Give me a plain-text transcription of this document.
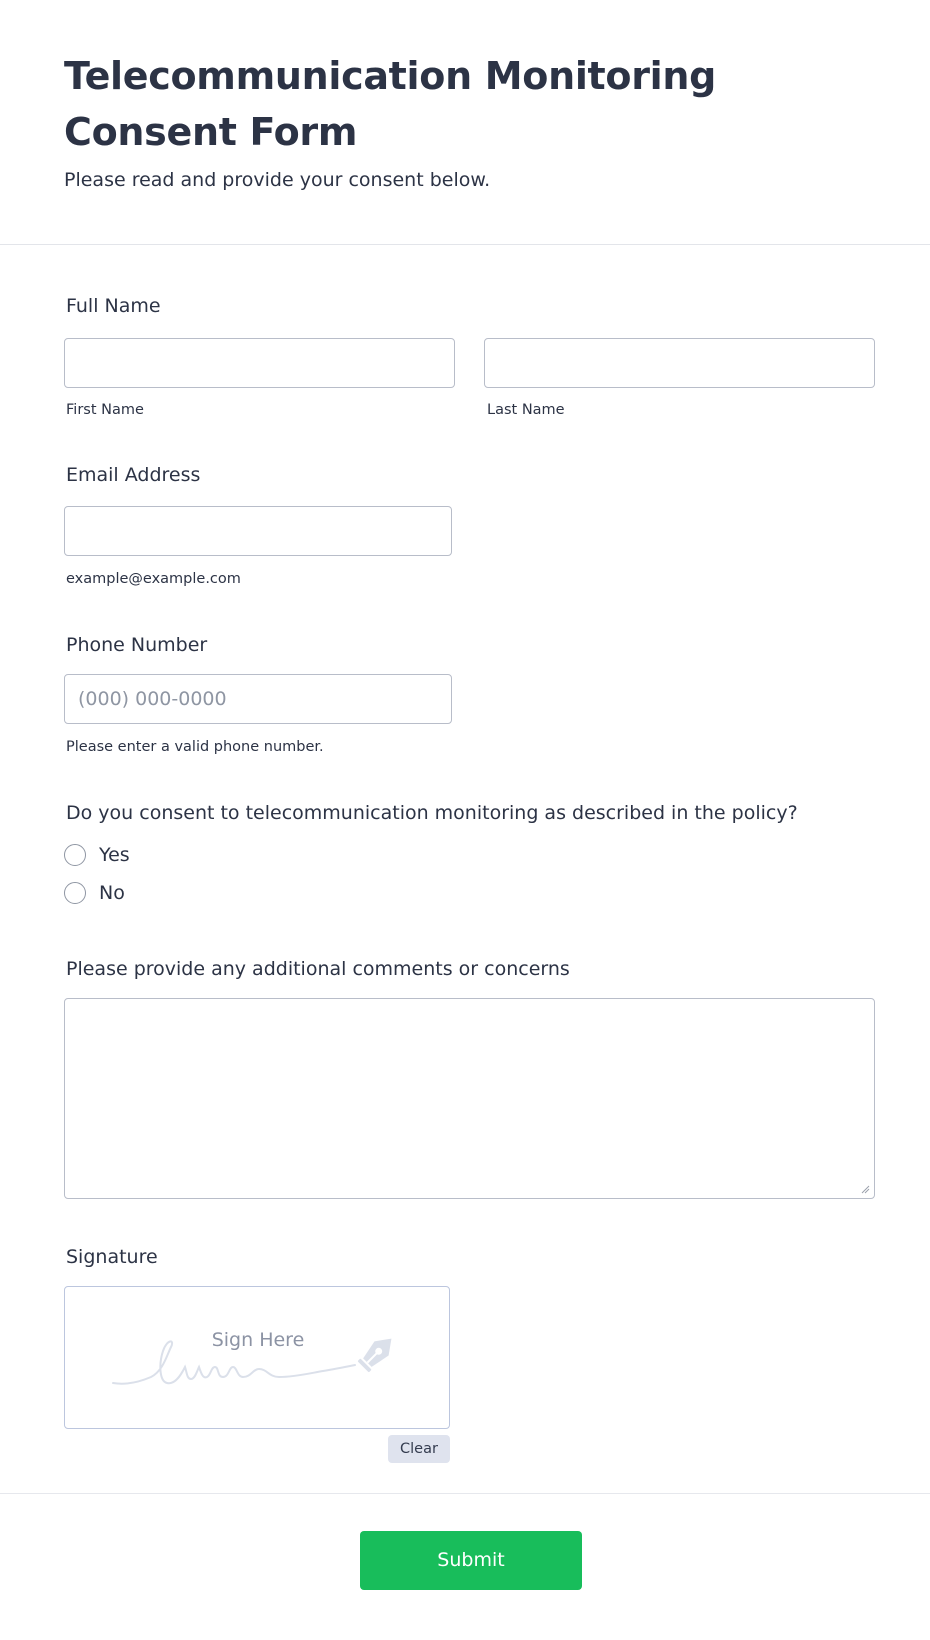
Telecommunication Monitoring Consent Form
Please read and provide your consent below.
Full Name
First Name	Last Name
Email Address
example@example.com
Phone Number
(000) 000-0000
Please enter a valid phone number.
Do you consent to telecommunication monitoring as described in the policy?
Yes
No
Please provide any additional comments or concerns
Signature
Sign Here
Clear
Submit
